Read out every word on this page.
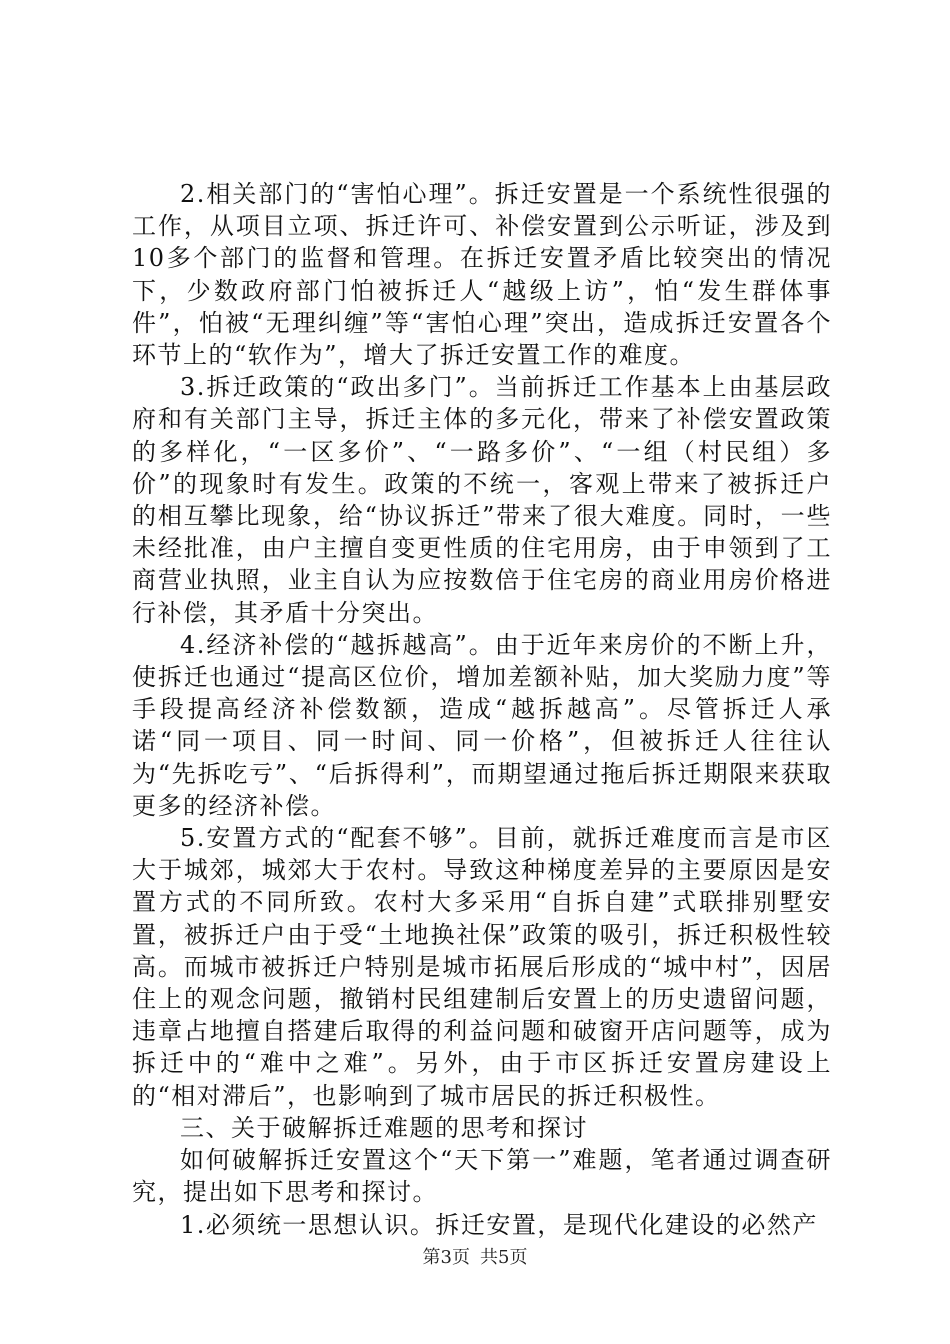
2.相关部门的“害怕心理”。拆迁安置是一个系统性很强的工作，从项目立项、拆迁许可、补偿安置到公示听证，涉及到10多个部门的监督和管理。在拆迁安置矛盾比较突出的情况下，少数政府部门怕被拆迁人“越级上访”，怕“发生群体事件”，怕被“无理纠缠”等“害怕心理”突出，造成拆迁安置各个环节上的“软作为”，增大了拆迁安置工作的难度。

3.拆迁政策的“政出多门”。当前拆迁工作基本上由基层政府和有关部门主导，拆迁主体的多元化，带来了补偿安置政策的多样化，“一区多价”、“一路多价”、“一组（村民组）多价”的现象时有发生。政策的不统一，客观上带来了被拆迁户的相互攀比现象，给“协议拆迁”带来了很大难度。同时，一些未经批准，由户主擅自变更性质的住宅用房，由于申领到了工商营业执照，业主自认为应按数倍于住宅房的商业用房价格进行补偿，其矛盾十分突出。

4.经济补偿的“越拆越高”。由于近年来房价的不断上升，使拆迁也通过“提高区位价，增加差额补贴，加大奖励力度”等手段提高经济补偿数额，造成“越拆越高”。尽管拆迁人承诺“同一项目、同一时间、同一价格”，但被拆迁人往往认为“先拆吃亏”、“后拆得利”，而期望通过拖后拆迁期限来获取更多的经济补偿。

5.安置方式的“配套不够”。目前，就拆迁难度而言是市区大于城郊，城郊大于农村。导致这种梯度差异的主要原因是安置方式的不同所致。农村大多采用“自拆自建”式联排别墅安置，被拆迁户由于受“土地换社保”政策的吸引，拆迁积极性较高。而城市被拆迁户特别是城市拓展后形成的“城中村”，因居住上的观念问题，撤销村民组建制后安置上的历史遗留问题，违章占地擅自搭建后取得的利益问题和破窗开店问题等，成为拆迁中的“难中之难”。另外，由于市区拆迁安置房建设上的“相对滞后”，也影响到了城市居民的拆迁积极性。

三、关于破解拆迁难题的思考和探讨

如何破解拆迁安置这个“天下第一”难题，笔者通过调查研究，提出如下思考和探讨。

1.必须统一思想认识。拆迁安置，是现代化建设的必然产

第3页 共5页
